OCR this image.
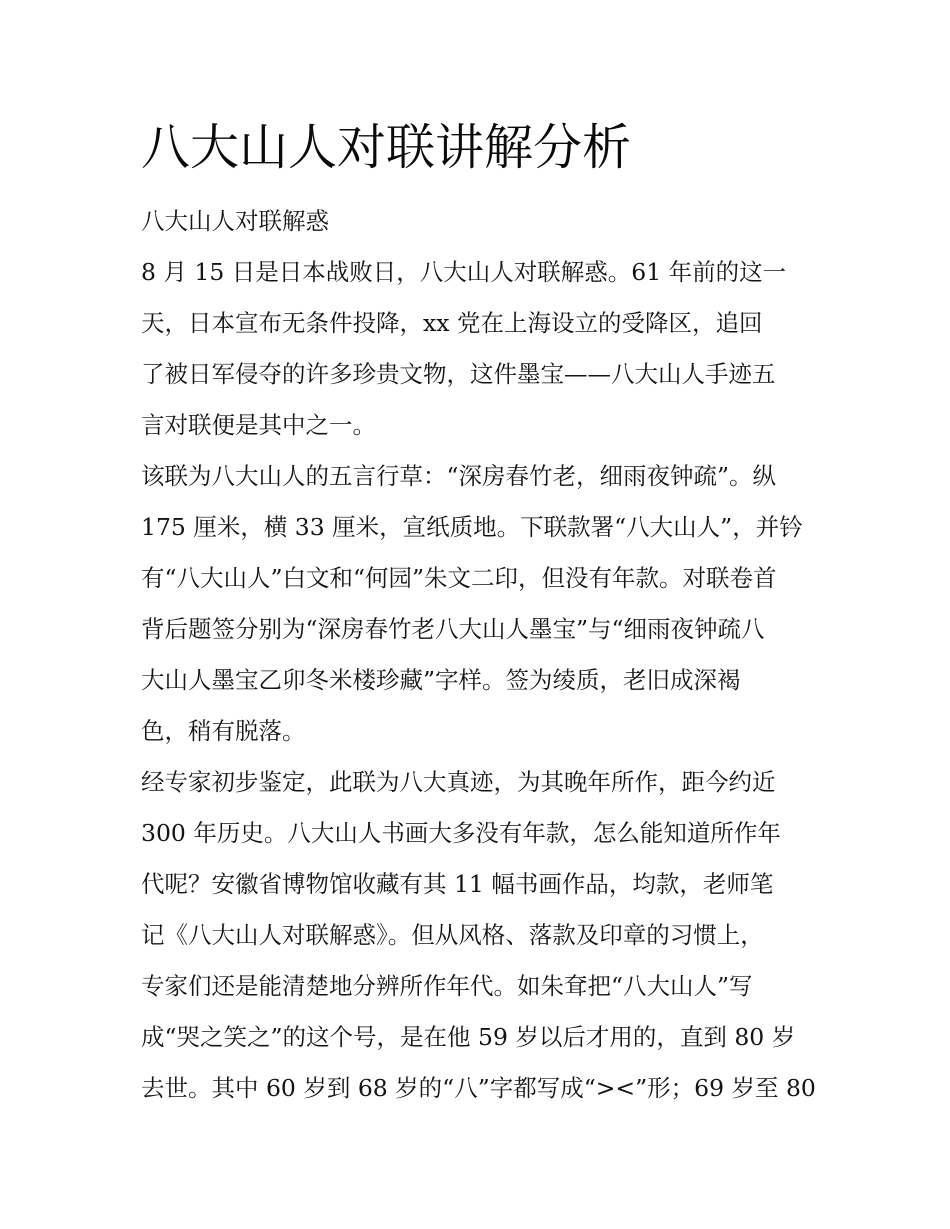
八大山人对联讲解分析
八大山人对联解惑
8 月 15 日是日本战败日，八大山人对联解惑。61 年前的这一
天，日本宣布无条件投降，xx 党在上海设立的受降区，追回
了被日军侵夺的许多珍贵文物，这件墨宝——八大山人手迹五
言对联便是其中之一。
该联为八大山人的五言行草：“深房春竹老，细雨夜钟疏”。纵
175 厘米，横 33 厘米，宣纸质地。下联款署“八大山人”，并钤
有“八大山人”白文和“何园”朱文二印，但没有年款。对联卷首
背后题签分别为“深房春竹老八大山人墨宝”与“细雨夜钟疏八
大山人墨宝乙卯冬米楼珍藏”字样。签为绫质，老旧成深褐
色，稍有脱落。
经专家初步鉴定，此联为八大真迹，为其晚年所作，距今约近
300 年历史。八大山人书画大多没有年款，怎么能知道所作年
代呢？安徽省博物馆收藏有其 11 幅书画作品，均款，老师笔
记《八大山人对联解惑》。但从风格、落款及印章的习惯上，
专家们还是能清楚地分辨所作年代。如朱耷把“八大山人”写
成“哭之笑之”的这个号，是在他 59 岁以后才用的，直到 80 岁
去世。其中 60 岁到 68 岁的“八”字都写成“><”形；69 岁至 80
